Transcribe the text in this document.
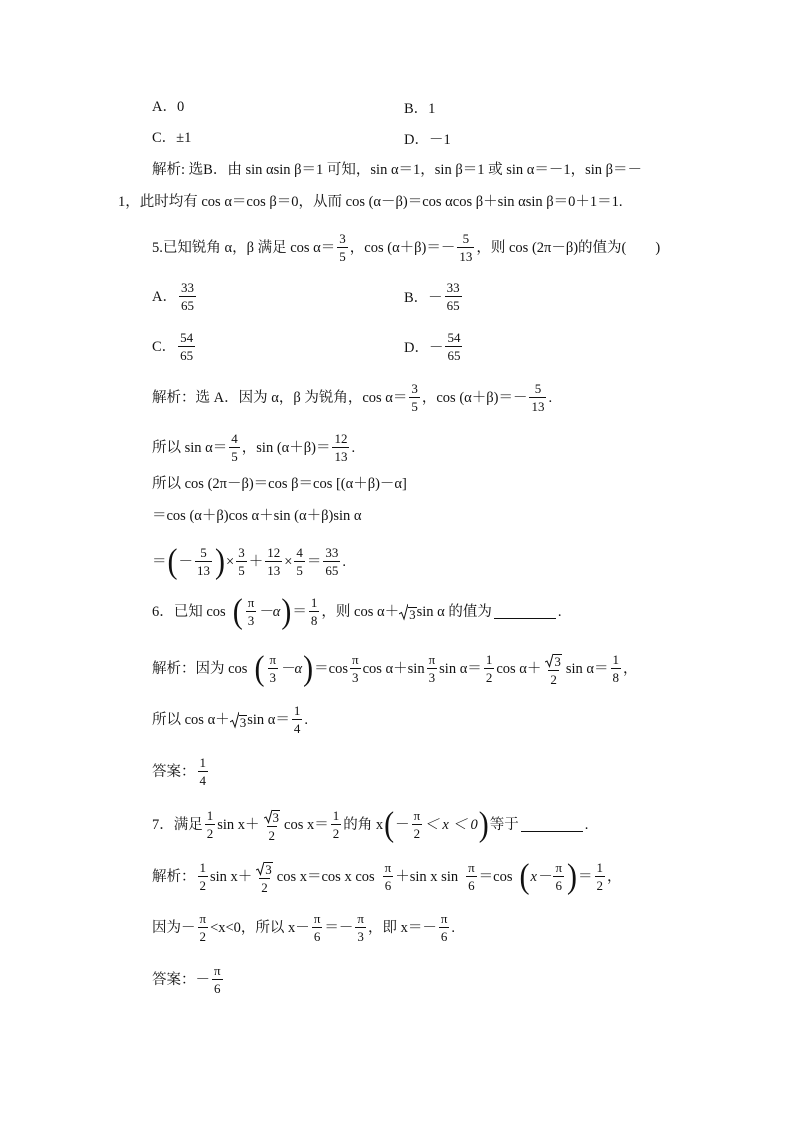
A．0	B．1
C．±1	D．－1
解析: 选B．由 sin αsin β＝1 可知，sin α＝1，sin β＝1 或 sin α＝－1，sin β＝－
1，此时均有 cos α＝cos β＝0，从而 cos (α－β)＝cos αcos β＋sin αsin β＝0＋1＝1.
5.已知锐角 α，β 满足 $\cos \alpha= \frac{3}{5}$ ，$\cos (\alpha+\beta)=- \frac{5}{13}$ ，则 cos (2π－β)的值为(　　)
A． $\frac{33}{65}$	B．－ $\frac{33}{65}$
C． $\frac{54}{65}$	D．－ $\frac{54}{65}$
解析：选 A．因为 α，β 为锐角，$\cos \alpha= \frac{3}{5}$ ，$\cos (\alpha+\beta)=- \frac{5}{13}$ .
所以 $\sin \alpha= \frac{4}{5}$ ，$\sin (\alpha+\beta)= \frac{12}{13}$ .
所以 cos (2π－β)＝cos β＝cos [(α＋β)－α]
＝cos (α＋β)cos α＋sin (α＋β)sin α
＝ ( － $\frac{5}{13}$ ) × $\frac{3}{5} + \frac{12}{13} \times \frac{4}{5} = \frac{33}{65}$ .
6．已知 cos ( $\frac{\pi}{3} -\alpha$ ) ＝ $\frac{1}{8}$ ，则 cos α＋ 3 sin α 的值为	.
解析：因为 cos ( $\frac{\pi}{3} -\alpha$ ) $=\cos \frac{\pi}{3}$ $\cos \alpha+\sin \frac{\pi}{3}$ $\sin \alpha= \frac{1}{2}$ $\cos \alpha+ \frac{3}{2}$ $\sin \alpha= \frac{1}{8}$ ，
所以 cos α＋ 3 $\sin \alpha= \frac{1}{4}$ .
答案： $\frac{1}{4}$
7．满足 $\frac{1}{2}$ $\sin x+ \frac{3}{2}$ $\cos x= \frac{1}{2}$ 的角 x ( － $\frac{\pi}{2} < x < 0$ ) 等于	.
解析： $\frac{1}{2}$ $\sin x+ \frac{3}{2}$ cos x＝cos x $\cos \frac{\pi}{6} +\sin$ x $\sin \frac{\pi}{6} =\cos$ ( $x- \frac{\pi}{6}$ ) ＝ $\frac{1}{2}$ ，
因为－ $\frac{\pi}{2} <x<0$，所以 $x- \frac{\pi}{6} =- \frac{\pi}{3}$ ，即 $x=- \frac{\pi}{6}$ .
答案： － $\frac{\pi}{6}$
